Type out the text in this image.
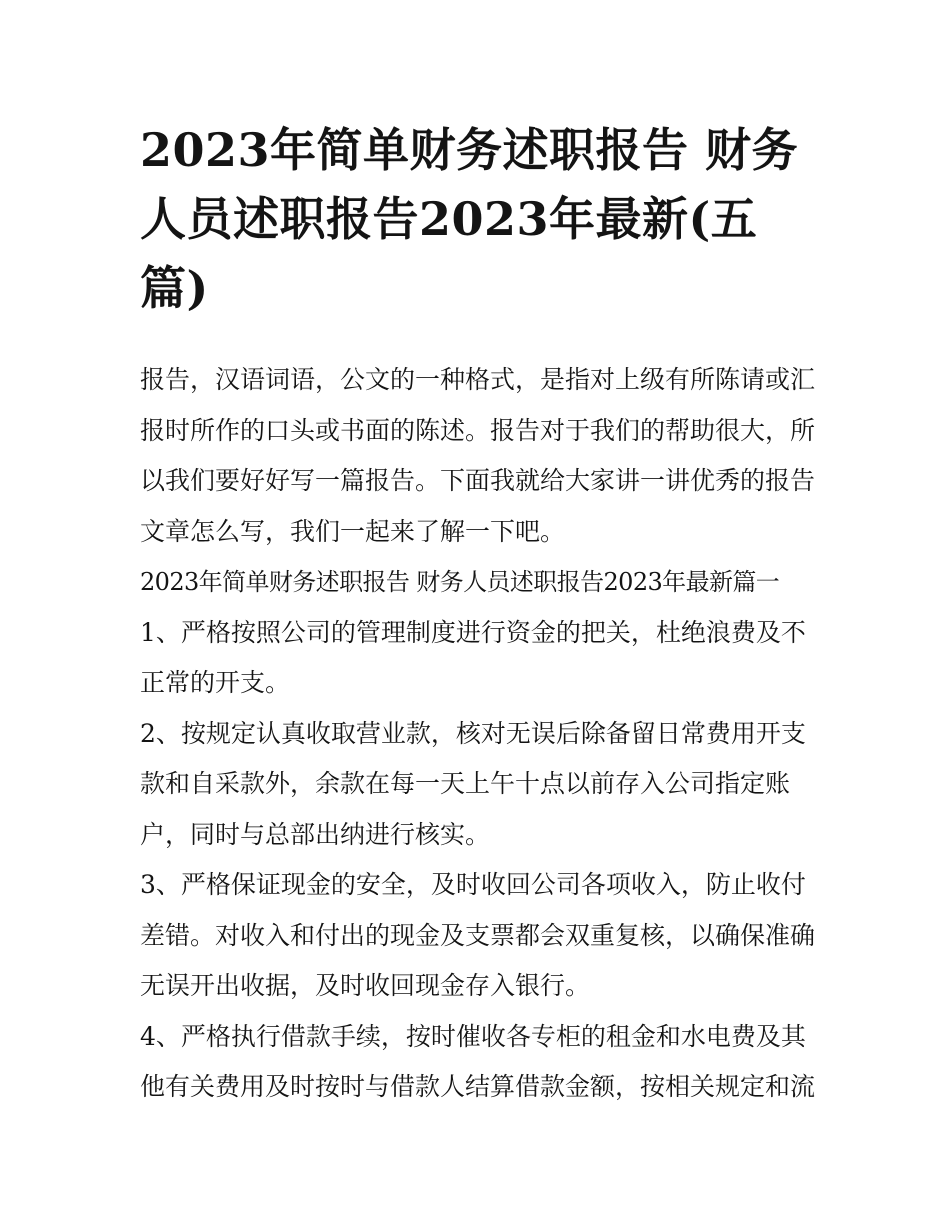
2023年简单财务述职报告 财务人员述职报告2023年最新(五篇)

报告，汉语词语，公文的一种格式，是指对上级有所陈请或汇报时所作的口头或书面的陈述。报告对于我们的帮助很大，所以我们要好好写一篇报告。下面我就给大家讲一讲优秀的报告文章怎么写，我们一起来了解一下吧。

2023年简单财务述职报告 财务人员述职报告2023年最新篇一

1、严格按照公司的管理制度进行资金的把关，杜绝浪费及不正常的开支。

2、按规定认真收取营业款，核对无误后除备留日常费用开支款和自采款外，余款在每一天上午十点以前存入公司指定账户，同时与总部出纳进行核实。

3、严格保证现金的安全，及时收回公司各项收入，防止收付差错。对收入和付出的现金及支票都会双重复核，以确保准确无误开出收据，及时收回现金存入银行。

4、严格执行借款手续，按时催收各专柜的租金和水电费及其他有关费用及时按时与借款人结算借款金额，按相关规定和流
